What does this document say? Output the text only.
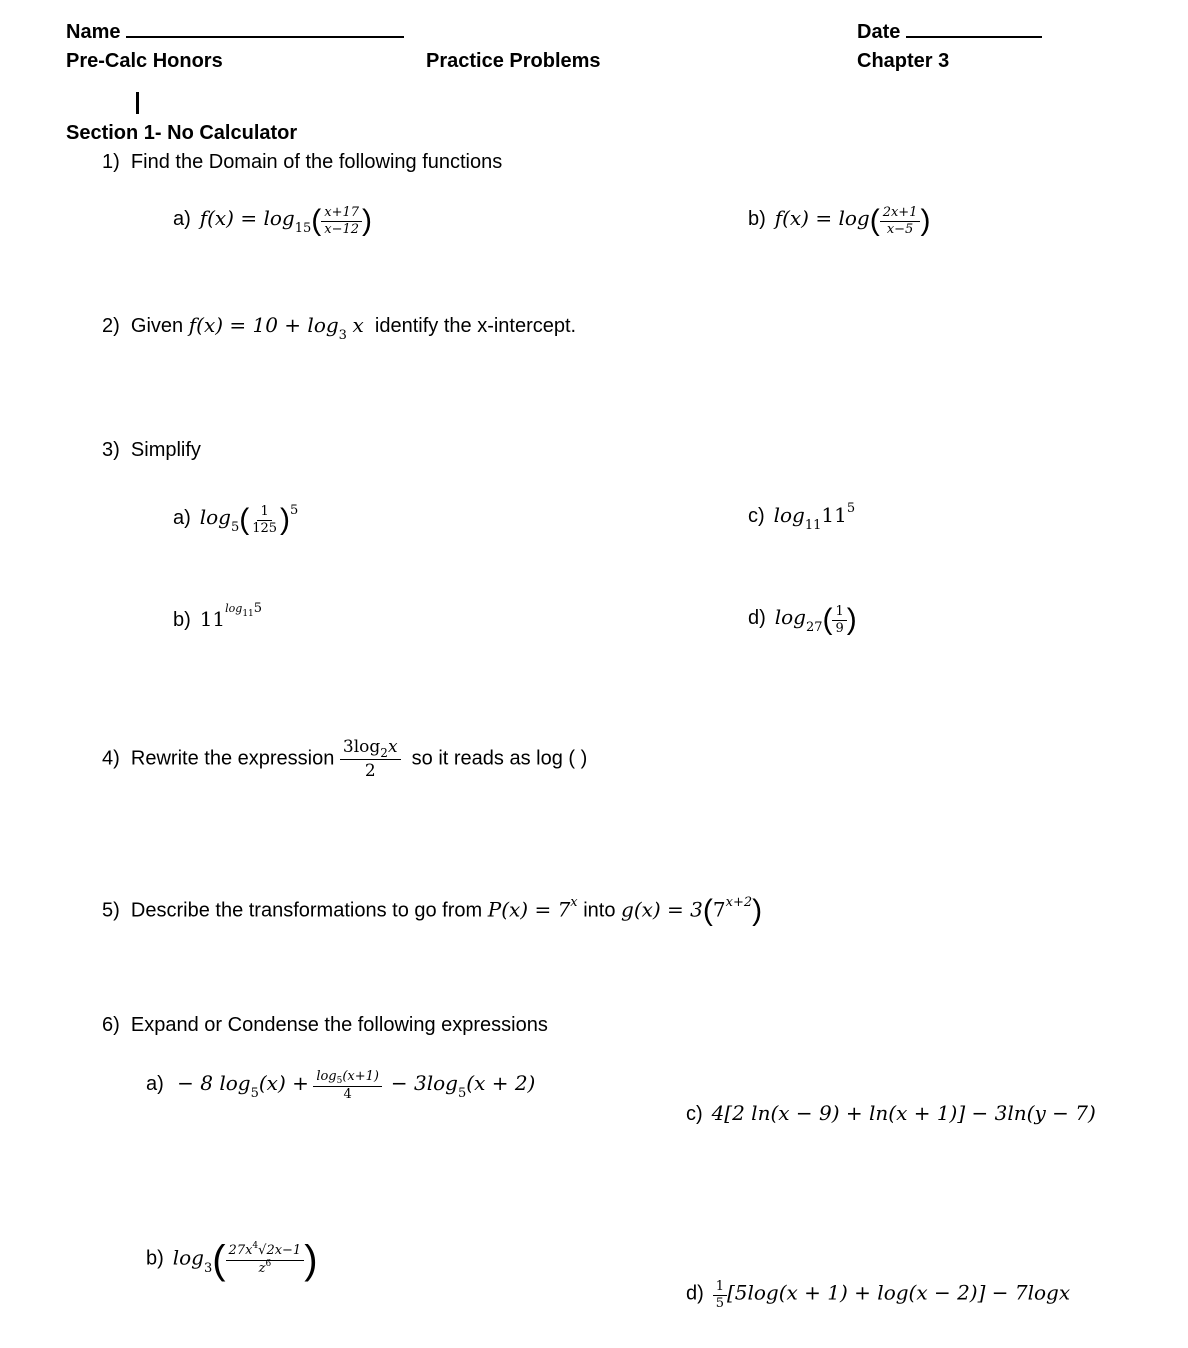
Name	Date
Pre-Calc Honors	Practice Problems	Chapter 3
Section 1- No Calculator
1) Find the Domain of the following functions
a) $f(x) = \log_{15}( \frac{x+17}{x-12}$ )	b) $f(x) = \log( \frac{2x+1}{x-5}$ )
2) Given $f(x) = 10 + \log_3 x$ identify the x-intercept.
3) Simplify
a) $\log_5( \frac{1}{125} )^5$	c) $\log_{11}11^5$
b) $11\log_{11}5$	d) $\log_{27}( \frac{1}{9}$ )
4) Rewrite the expression $\frac{3\log_2x}{2}$ so it reads as log ( )
5) Describe the transformations to go from $P(x) = 7^x$ into $g(x) = 3(7^{x+2})$
6) Expand or Condense the following expressions
a) − 8 $\log_5(x) + \frac{\log_5(x+1)}{4} - 3\log_5(x + 2)$
c) 4[2 ln(x − 9) + ln(x + 1)] − 3ln(y − 7)
b) $\log_3( \frac{27x^4√2x-1}{z^6}$ )
$d) \frac{1}{5} [5\log(x + 1) + \log(x - 2)] - 7\log x$
